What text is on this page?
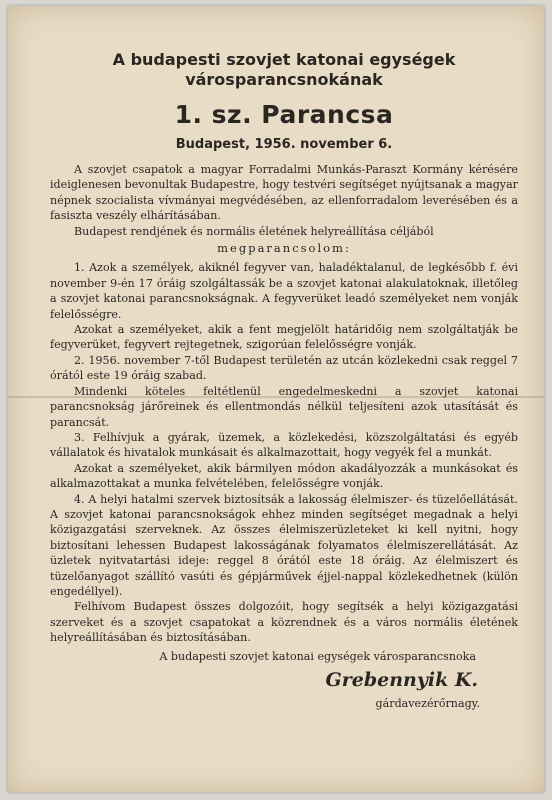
A budapesti szovjet katonai egységek

városparancsnokának

1. sz. Parancsa

Budapest, 1956. november 6.

A szovjet csapatok a magyar Forradalmi Munkás-Paraszt Kormány kérésére ideiglenesen bevonultak Budapestre, hogy testvéri segítséget nyújtsanak a magyar népnek szocialista vívmányai megvédésében, az ellenforradalom leverésében és a fasiszta veszély elhárításában.

Budapest rendjének és normális életének helyreállítása céljából

megparancsolom:

1. Azok a személyek, akiknél fegyver van, haladéktalanul, de legkésőbb f. évi november 9-én 17 óráig szolgáltassák be a szovjet katonai alakulatoknak, illetőleg a szovjet katonai parancsnokságnak. A fegyverüket leadó személyeket nem vonják felelősségre.

Azokat a személyeket, akik a fent megjelölt határidőig nem szolgáltatják be fegyverüket, fegyvert rejtegetnek, szigorúan felelősségre vonják.

2. 1956. november 7-től Budapest területén az utcán közlekedni csak reggel 7 órától este 19 óráig szabad.

Mindenki köteles feltétlenül engedelmeskedni a szovjet katonai parancsnokság járőreinek és ellentmondás nélkül teljesíteni azok utasítását és parancsát.

3. Felhívjuk a gyárak, üzemek, a közlekedési, közszolgáltatási és egyéb vállalatok és hivatalok munkásait és alkalmazottait, hogy vegyék fel a munkát.

Azokat a személyeket, akik bármilyen módon akadályozzák a munkásokat és alkalmazottakat a munka felvételében, felelősségre vonják.

4. A helyi hatalmi szervek biztosítsák a lakosság élelmiszer- és tüzelőellátását. A szovjet katonai parancsnokságok ehhez minden segítséget megadnak a helyi közigazgatási szerveknek. Az összes élelmiszerüzleteket ki kell nyitni, hogy biztosítani lehessen Budapest lakosságának folyamatos élelmiszerellátását. Az üzletek nyitvatartási ideje: reggel 8 órától este 18 óráig. Az élelmiszert és tüzelőanyagot szállító vasúti és gépjárművek éjjel-nappal közlekedhetnek (külön engedéllyel).

Felhívom Budapest összes dolgozóit, hogy segítsék a helyi közigazgatási szerveket és a szovjet csapatokat a közrendnek és a város normális életének helyreállításában és biztosításában.

A budapesti szovjet katonai egységek városparancsnoka
Grebennyik K.
gárdavezérőrnagy.
